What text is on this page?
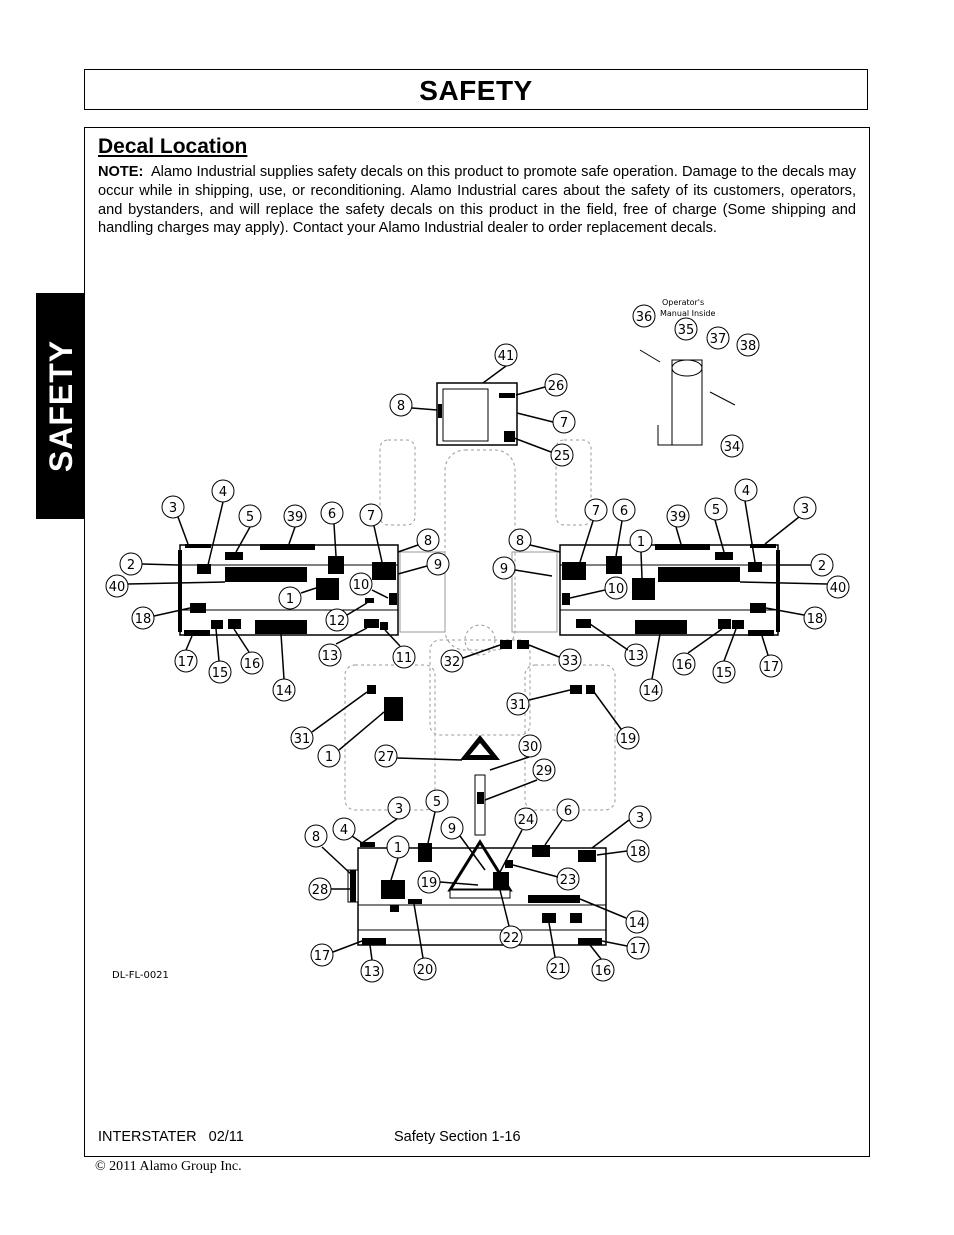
SAFETY
SAFETY
Decal Location
NOTE: Alamo Industrial supplies safety decals on this product to promote safe operation. Damage to the decals may occur while in shipping, use, or reconditioning. Alamo Industrial cares about the safety of its customers, operators, and bystanders, and will replace the safety decals on this product in the field, free of charge (Some shipping and handling charges may apply). Contact your Alamo Industrial dealer to order replacement decals.
Operator's
Manual Inside
41
26
8
7
25
36
35
37 38
34
3
4
5	39 6 7
8
9
2
40
1
10
12
18
17
15
16
14
13	11
8
9
7 6	39 5
4
3
1
2
10	40
18
13
14
16
15 17
32	33
31
1	27
30
31
19
29
3 5
9
24
6	3
8 4
1	18
28	19	23
14
17
17
13	20
22
21 16
DL-FL-0021
INTERSTATER   02/11	Safety Section 1-16
© 2011 Alamo Group Inc.
